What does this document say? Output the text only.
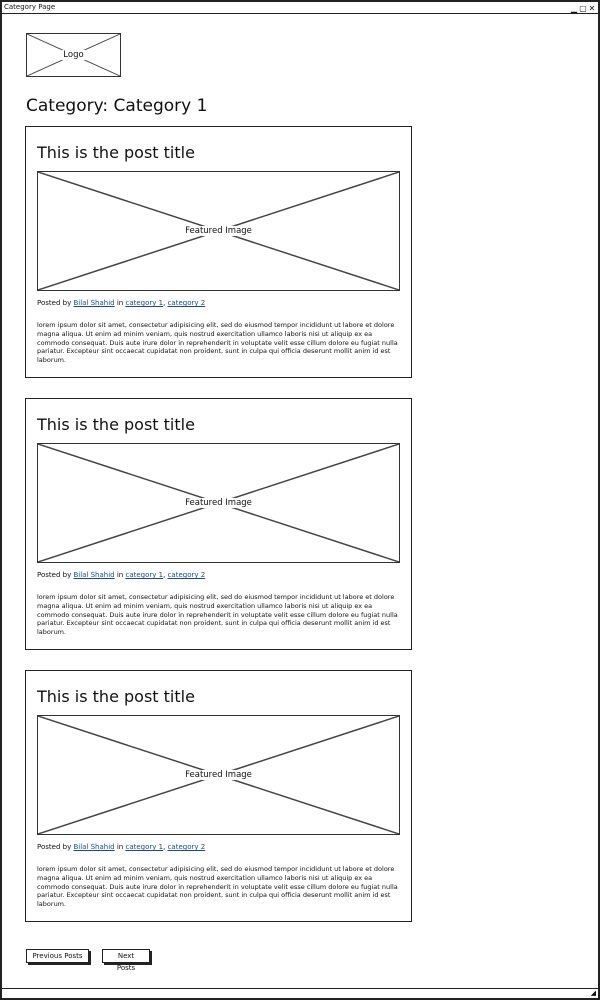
Category Page	▁ ▢ ✕
Logo
Category: Category 1
This is the post title
Featured Image
Posted by Bilal Shahid in category 1, category 2

lorem ipsum dolor sit amet, consectetur adipisicing elit, sed do eiusmod tempor incididunt ut labore et dolore magna aliqua. Ut enim ad minim veniam, quis nostrud exercitation ullamco laboris nisi ut aliquip ex ea commodo consequat. Duis aute irure dolor in reprehenderit in voluptate velit esse cillum dolore eu fugiat nulla pariatur. Excepteur sint occaecat cupidatat non proident, sunt in culpa qui officia deserunt mollit anim id est laborum.

This is the post title
Featured Image
Posted by Bilal Shahid in category 1, category 2

lorem ipsum dolor sit amet, consectetur adipisicing elit, sed do eiusmod tempor incididunt ut labore et dolore magna aliqua. Ut enim ad minim veniam, quis nostrud exercitation ullamco laboris nisi ut aliquip ex ea commodo consequat. Duis aute irure dolor in reprehenderit in voluptate velit esse cillum dolore eu fugiat nulla pariatur. Excepteur sint occaecat cupidatat non proident, sunt in culpa qui officia deserunt mollit anim id est laborum.

This is the post title
Featured Image
Posted by Bilal Shahid in category 1, category 2

lorem ipsum dolor sit amet, consectetur adipisicing elit, sed do eiusmod tempor incididunt ut labore et dolore magna aliqua. Ut enim ad minim veniam, quis nostrud exercitation ullamco laboris nisi ut aliquip ex ea commodo consequat. Duis aute irure dolor in reprehenderit in voluptate velit esse cillum dolore eu fugiat nulla pariatur. Excepteur sint occaecat cupidatat non proident, sunt in culpa qui officia deserunt mollit anim id est laborum.

Previous Posts	Next Posts
◢
